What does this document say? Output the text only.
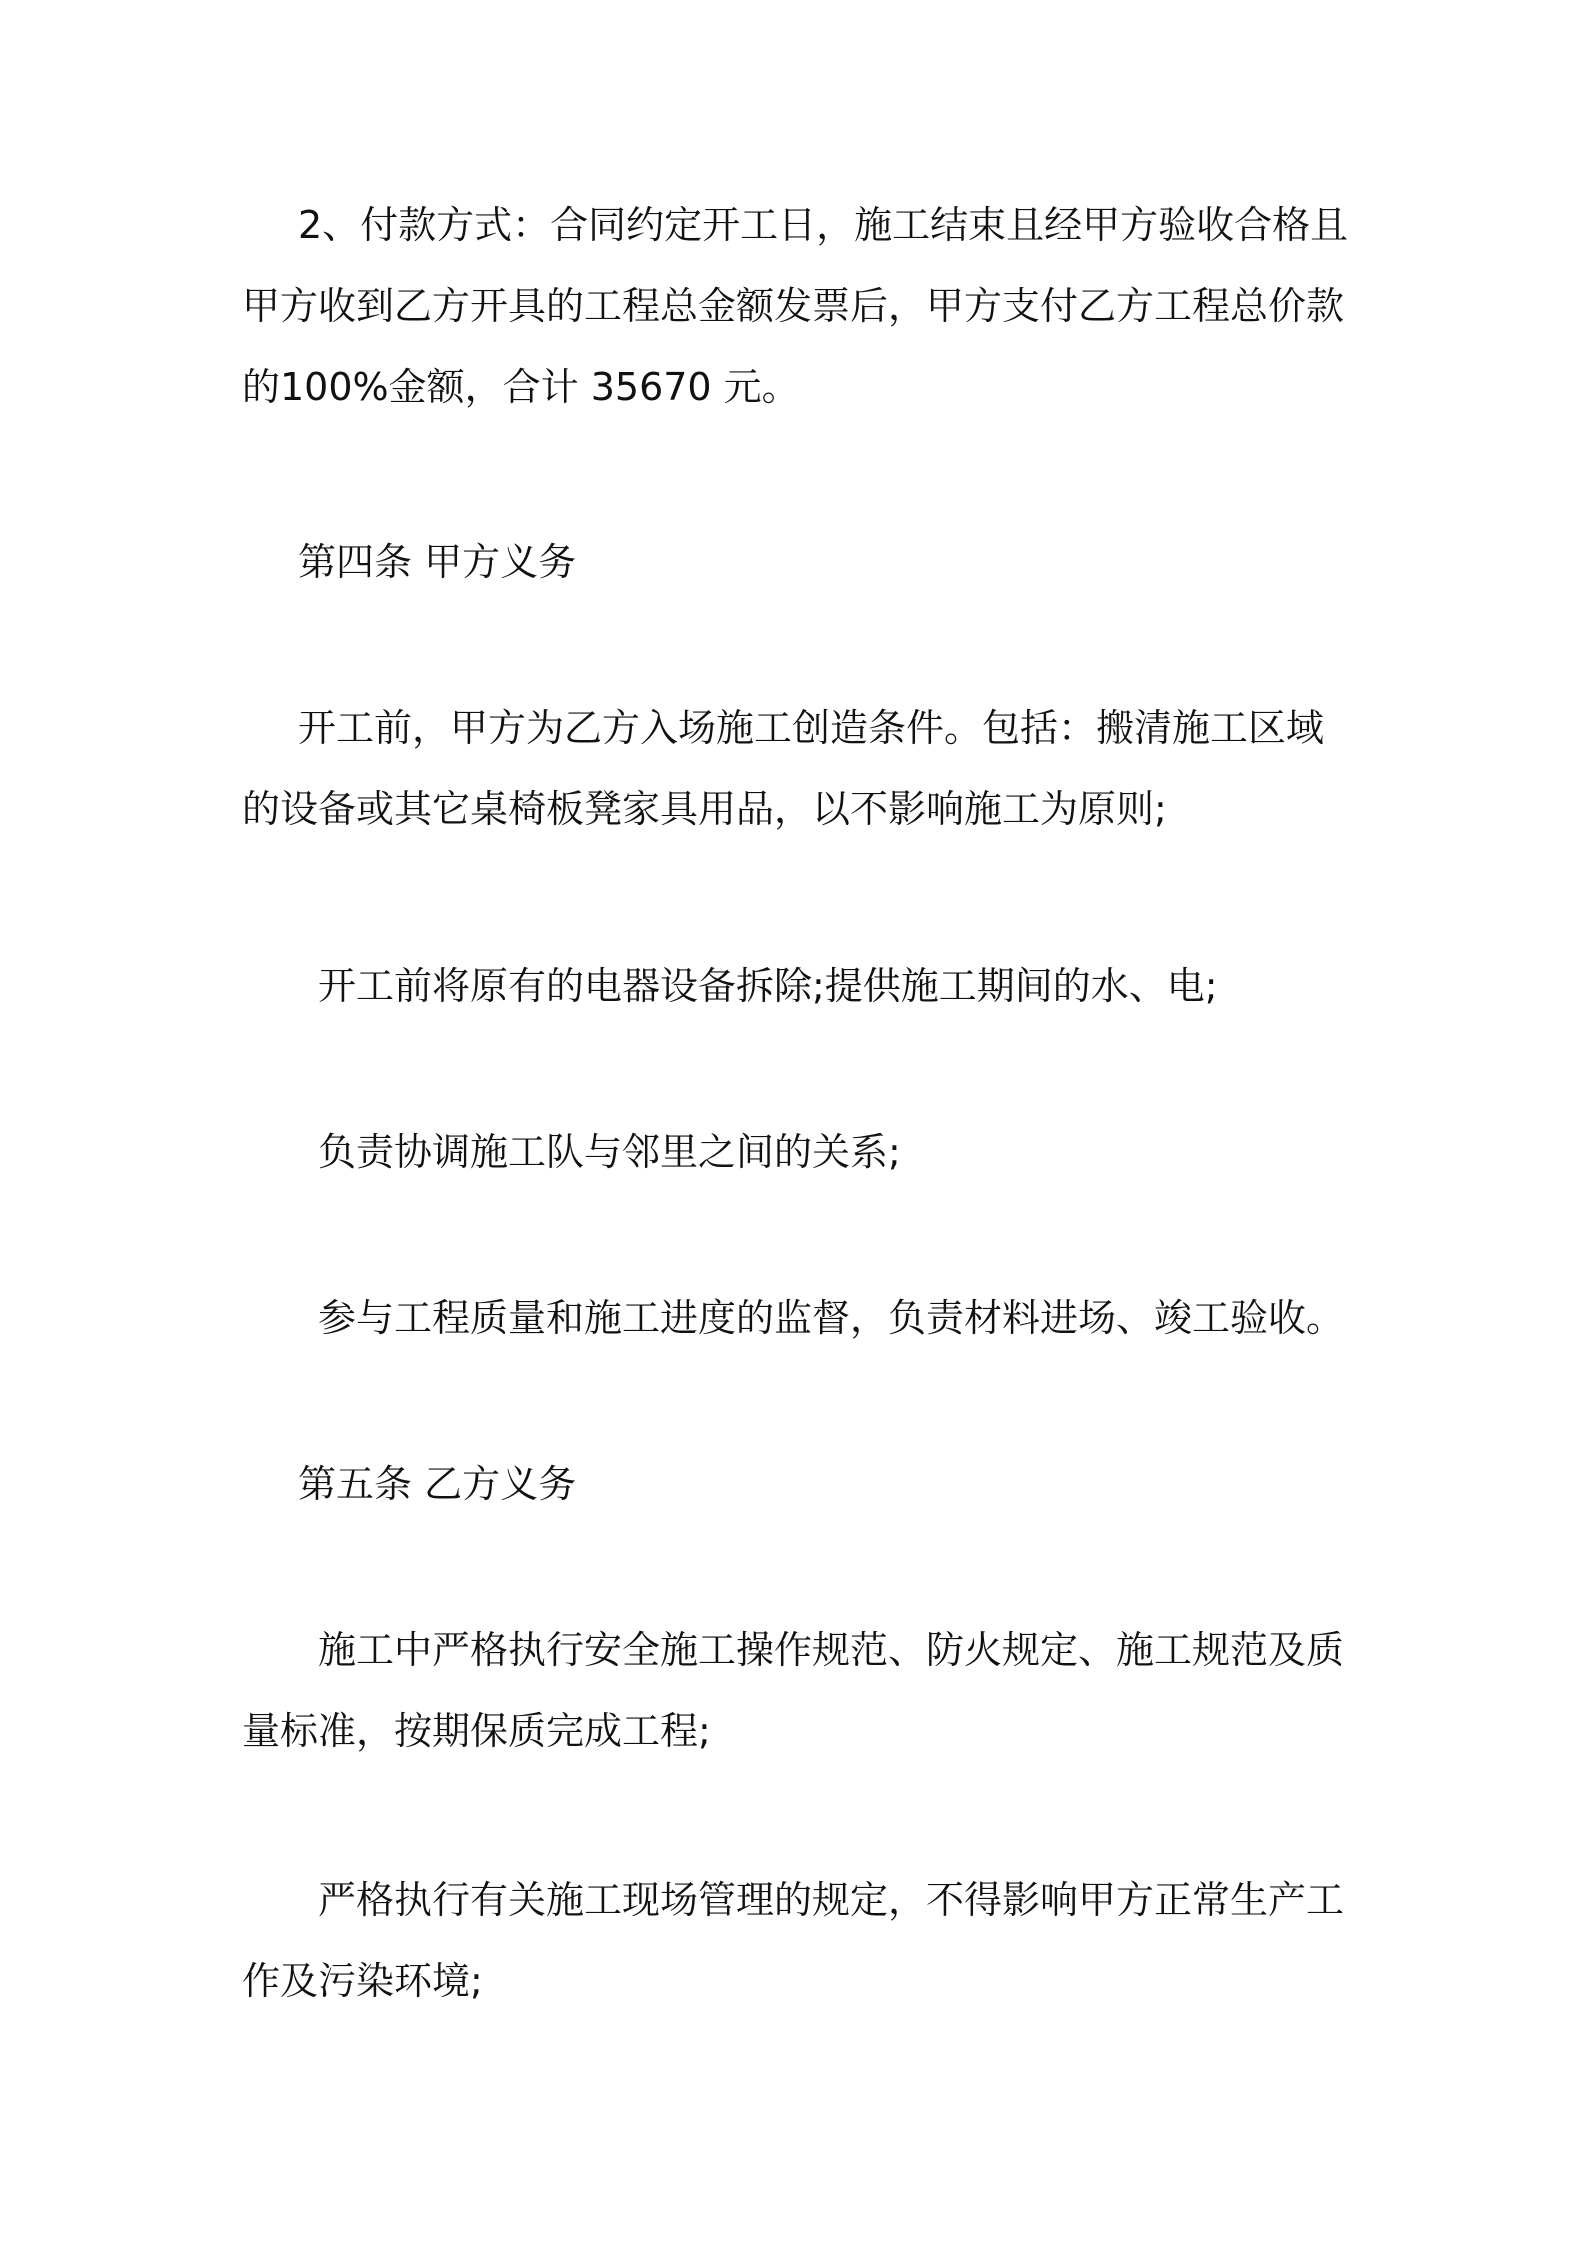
2、付款方式：合同约定开工日，施工结束且经甲方验收合格且甲方收到乙方开具的工程总金额发票后，甲方支付乙方工程总价款的100%金额，合计 35670 元。

第四条 甲方义务

开工前，甲方为乙方入场施工创造条件。包括：搬清施工区域的设备或其它桌椅板凳家具用品，以不影响施工为原则;

开工前将原有的电器设备拆除;提供施工期间的水、电;

负责协调施工队与邻里之间的关系;

参与工程质量和施工进度的监督，负责材料进场、竣工验收。

第五条 乙方义务

施工中严格执行安全施工操作规范、防火规定、施工规范及质量标准，按期保质完成工程;

严格执行有关施工现场管理的规定，不得影响甲方正常生产工作及污染环境;
